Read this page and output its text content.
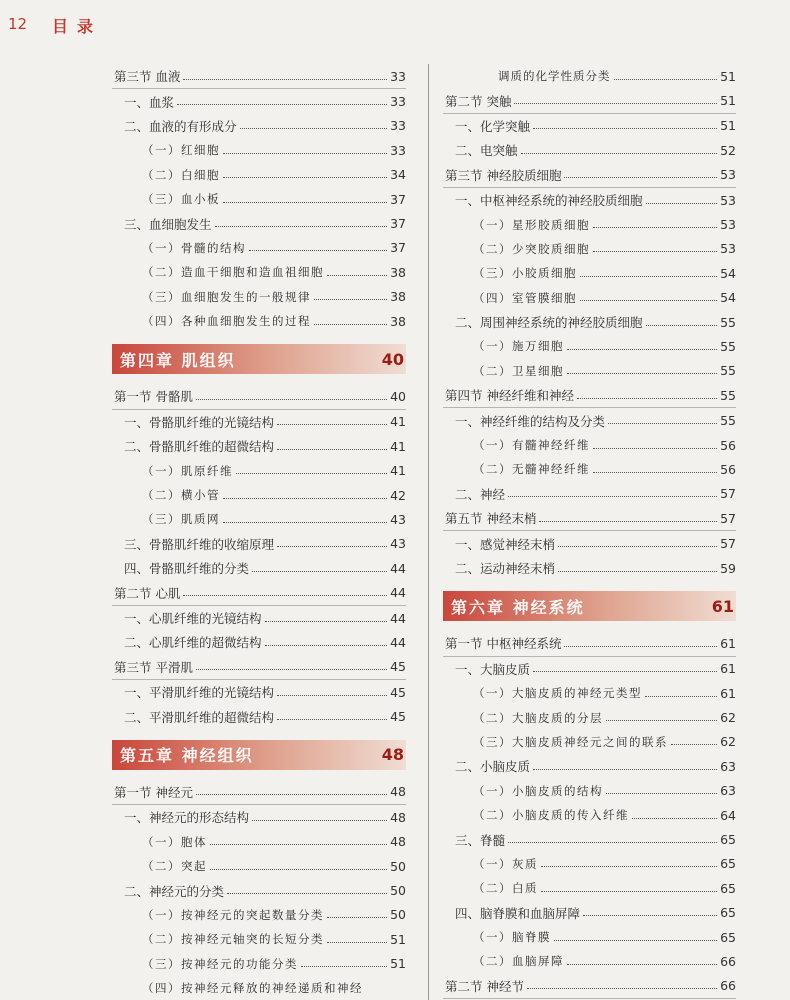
12 目录
第三节 血液	33
一、血浆	33
二、血液的有形成分	33
（一）红细胞	33
（二）白细胞	34
（三）血小板	37
三、血细胞发生	37
（一）骨髓的结构	37
（二）造血干细胞和造血祖细胞	38
（三）血细胞发生的一般规律	38
（四）各种血细胞发生的过程	38
第四章 肌组织	40
第一节 骨骼肌	40
一、骨骼肌纤维的光镜结构	41
二、骨骼肌纤维的超微结构	41
（一）肌原纤维	41
（二）横小管	42
（三）肌质网	43
三、骨骼肌纤维的收缩原理	43
四、骨骼肌纤维的分类	44
第二节 心肌	44
一、心肌纤维的光镜结构	44
二、心肌纤维的超微结构	44
第三节 平滑肌	45
一、平滑肌纤维的光镜结构	45
二、平滑肌纤维的超微结构	45
第五章 神经组织	48
第一节 神经元	48
一、神经元的形态结构	48
（一）胞体	48
（二）突起	50
二、神经元的分类	50
（一）按神经元的突起数量分类	50
（二）按神经元轴突的长短分类	51
（三）按神经元的功能分类	51
（四）按神经元释放的神经递质和神经
调质的化学性质分类	51
第二节 突触	51
一、化学突触	51
二、电突触	52
第三节 神经胶质细胞	53
一、中枢神经系统的神经胶质细胞	53
（一）星形胶质细胞	53
（二）少突胶质细胞	53
（三）小胶质细胞	54
（四）室管膜细胞	54
二、周围神经系统的神经胶质细胞	55
（一）施万细胞	55
（二）卫星细胞	55
第四节 神经纤维和神经	55
一、神经纤维的结构及分类	55
（一）有髓神经纤维	56
（二）无髓神经纤维	56
二、神经	57
第五节 神经末梢	57
一、感觉神经末梢	57
二、运动神经末梢	59
第六章 神经系统	61
第一节 中枢神经系统	61
一、大脑皮质	61
（一）大脑皮质的神经元类型	61
（二）大脑皮质的分层	62
（三）大脑皮质神经元之间的联系	62
二、小脑皮质	63
（一）小脑皮质的结构	63
（二）小脑皮质的传入纤维	64
三、脊髓	65
（一）灰质	65
（二）白质	65
四、脑脊膜和血脑屏障	65
（一）脑脊膜	65
（二）血脑屏障	66
第二节 神经节	66
